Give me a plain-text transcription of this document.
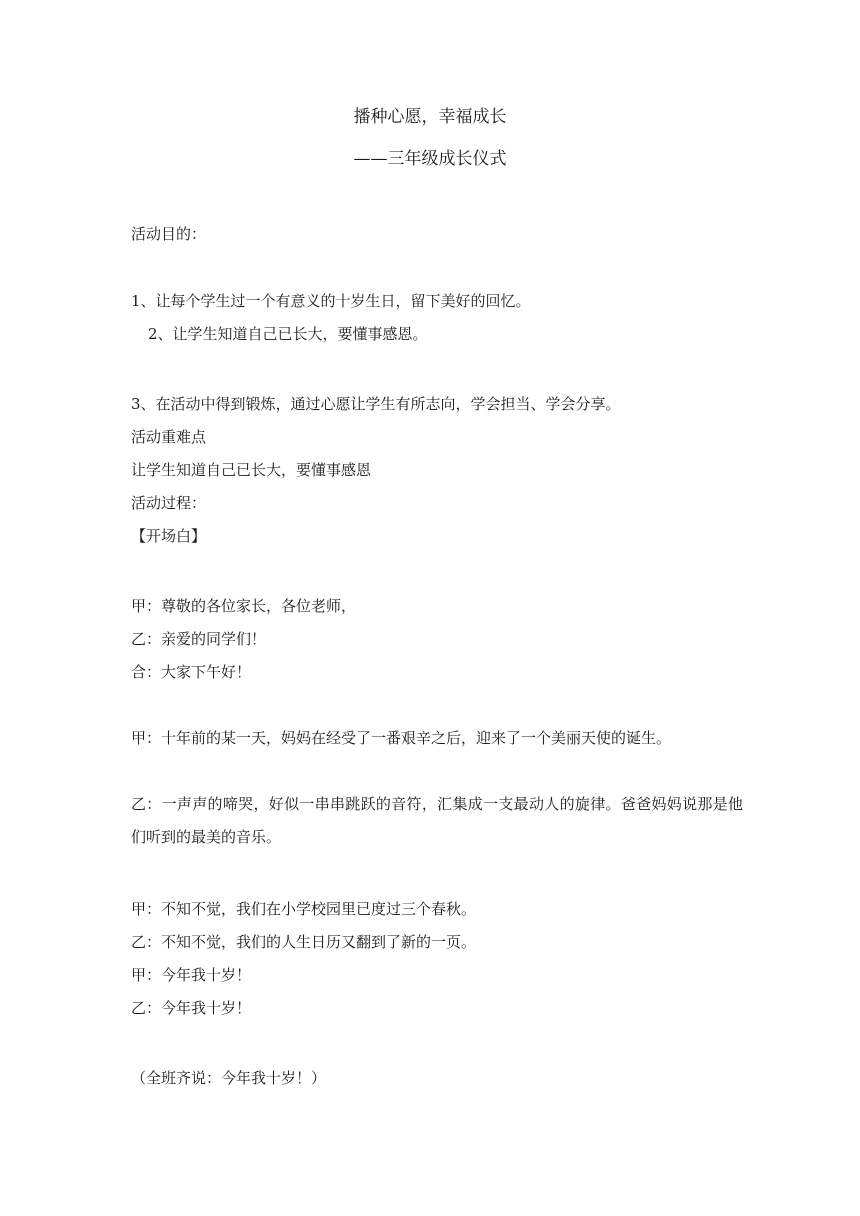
播种心愿，幸福成长
——三年级成长仪式
活动目的：
1、让每个学生过一个有意义的十岁生日，留下美好的回忆。
2、让学生知道自己已长大，要懂事感恩。
3、在活动中得到锻炼，通过心愿让学生有所志向，学会担当、学会分享。
活动重难点
让学生知道自己已长大，要懂事感恩
活动过程：
【开场白】
甲：尊敬的各位家长，各位老师，
乙：亲爱的同学们！
合：大家下午好！
甲：十年前的某一天，妈妈在经受了一番艰辛之后，迎来了一个美丽天使的诞生。
乙：一声声的啼哭，好似一串串跳跃的音符，汇集成一支最动人的旋律。爸爸妈妈说那是他们听到的最美的音乐。
甲：不知不觉，我们在小学校园里已度过三个春秋。
乙：不知不觉，我们的人生日历又翻到了新的一页。
甲：今年我十岁！
乙：今年我十岁！
（全班齐说：今年我十岁！）
